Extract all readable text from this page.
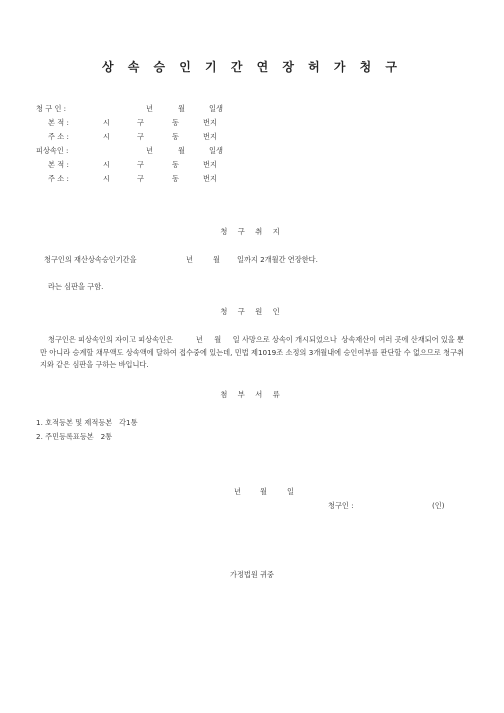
상 속 승 인 기 간 연 장 허 가 청 구
청 구 인 :	년	월	일생
본 적 :	시	구	동	번지
주 소 :	시	구	동	번지
피상속인 :	년	월	일생
본 적 :	시	구	동	번지
주 소 :	시	구	동	번지
청 구 취 지
청구인의 재산상속승인기간을	년	월 일까지 2개월간 연장한다.
라는 심판을 구함.
청 구 원 인
청구인은 피상속인의 자이고 피상속인은          년     월     일 사망으로 상속이 개시되었으나  상속재산이 여러 곳에 산재되어 있을 뿐만 아니라 승계할 채무액도 상속액에 달하여 접수중에 있는데, 민법 제1019조 소정의 3개월내에 승인여부를 판단할 수 없으므로 청구취지와 같은 심판을 구하는 바입니다.
첨 부 서 류
1. 호적등본 및 제적등본   각1통
2. 주민등록표등본   2통
년	월	일
청구인 :	(인)
가정법원 귀중
